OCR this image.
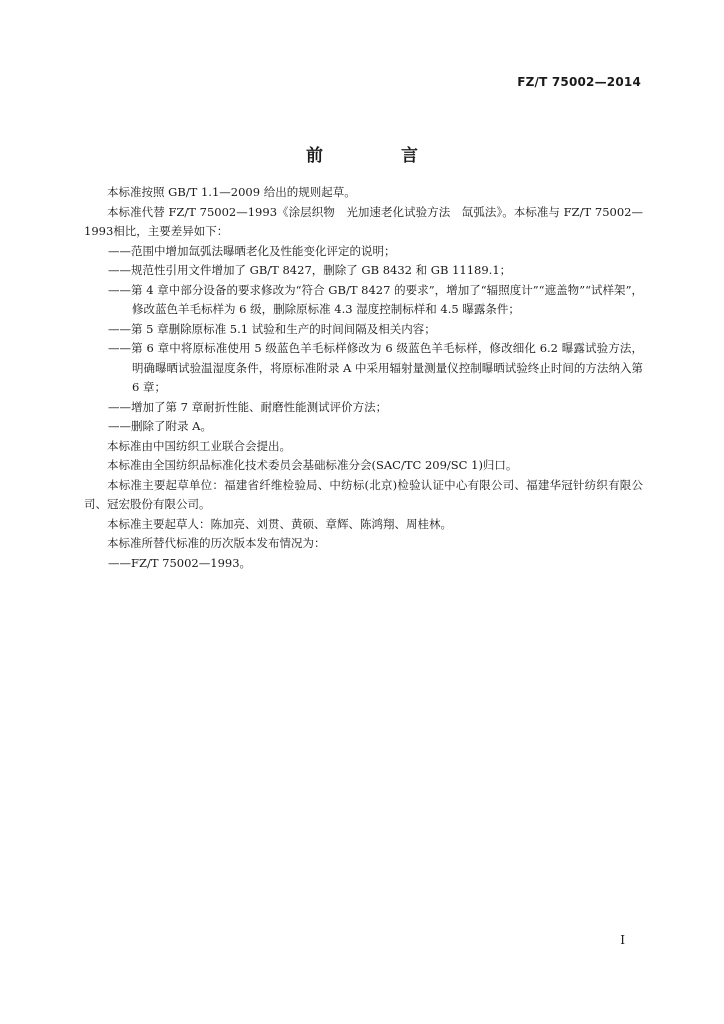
FZ/T 75002—2014
前 言

本标准按照 GB/T 1.1—2009 给出的规则起草。

本标准代替 FZ/T 75002—1993《涂层织物　光加速老化试验方法　氙弧法》。本标准与 FZ/T 75002—1993相比，主要差异如下：

——范围中增加氙弧法曝晒老化及性能变化评定的说明；

——规范性引用文件增加了 GB/T 8427，删除了 GB 8432 和 GB 11189.1；

——第 4 章中部分设备的要求修改为“符合 GB/T 8427 的要求”，增加了“辐照度计”“遮盖物”“试样架”，修改蓝色羊毛标样为 6 级，删除原标准 4.3 湿度控制标样和 4.5 曝露条件；

——第 5 章删除原标准 5.1 试验和生产的时间间隔及相关内容；

——第 6 章中将原标准使用 5 级蓝色羊毛标样修改为 6 级蓝色羊毛标样，修改细化 6.2 曝露试验方法，明确曝晒试验温湿度条件，将原标准附录 A 中采用辐射量测量仪控制曝晒试验终止时间的方法纳入第 6 章；

——增加了第 7 章耐折性能、耐磨性能测试评价方法；

——删除了附录 A。

本标准由中国纺织工业联合会提出。

本标准由全国纺织品标准化技术委员会基础标准分会(SAC/TC 209/SC 1)归口。

本标准主要起草单位：福建省纤维检验局、中纺标(北京)检验认证中心有限公司、福建华冠针纺织有限公司、冠宏股份有限公司。

本标准主要起草人：陈加亮、刘贯、黄硕、章辉、陈鸿翔、周桂林。

本标准所替代标准的历次版本发布情况为：

——FZ/T 75002—1993。

I
